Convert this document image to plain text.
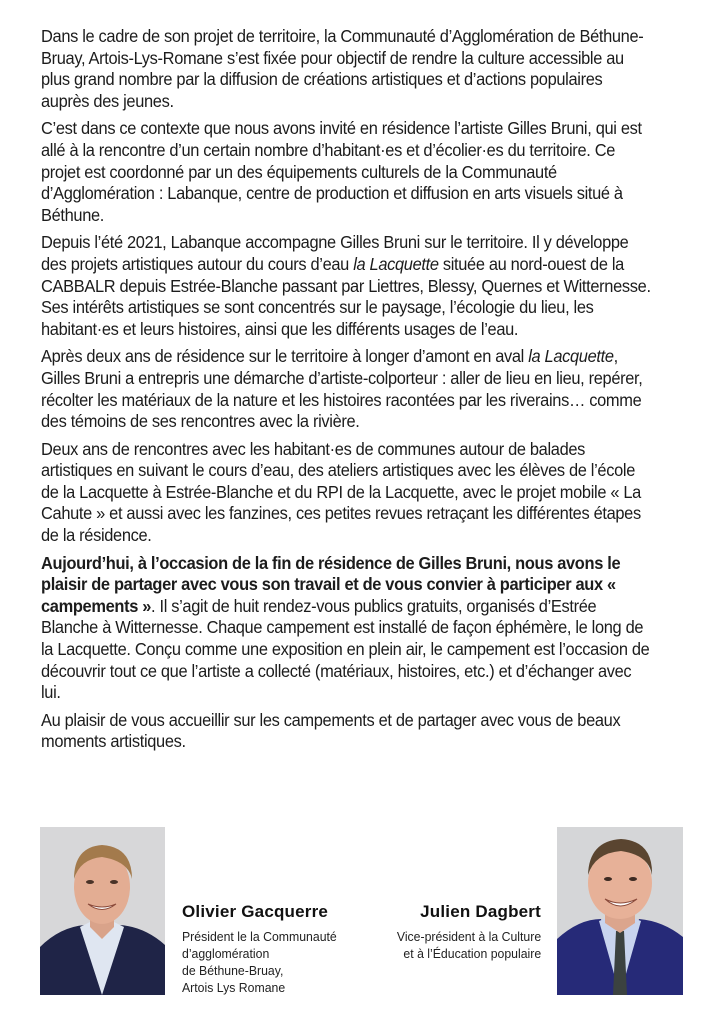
Dans le cadre de son projet de territoire, la Communauté d’Agglomération de Béthune-Bruay, Artois-Lys-Romane s’est fixée pour objectif de rendre la culture accessible au plus grand nombre par la diffusion de créations artistiques et d’actions populaires auprès des jeunes.

C’est dans ce contexte que nous avons invité en résidence l’artiste Gilles Bruni, qui est allé à la rencontre d’un certain nombre d’habitant·es et d’écolier·es du territoire. Ce projet est coordonné par un des équipements culturels de la Communauté d’Agglomération : Labanque, centre de production et diffusion en arts visuels situé à Béthune.

Depuis l’été 2021, Labanque accompagne Gilles Bruni sur le territoire. Il y développe des projets artistiques autour du cours d’eau la Lacquette située au nord-ouest de la CABBALR depuis Estrée-Blanche passant par Liettres, Blessy, Quernes et Witternesse. Ses intérêts artistiques se sont concentrés sur le paysage, l’écologie du lieu, les habitant·es et leurs histoires, ainsi que les différents usages de l’eau.

Après deux ans de résidence sur le territoire à longer d’amont en aval la Lacquette, Gilles Bruni a entrepris une démarche d’artiste-colporteur : aller de lieu en lieu, repérer, récolter les matériaux de la nature et les histoires racontées par les riverains… comme des témoins de ses rencontres avec la rivière.

Deux ans de rencontres avec les habitant·es de communes autour de balades artistiques en suivant le cours d’eau, des ateliers artistiques avec les élèves de l’école de la Lacquette à Estrée-Blanche et du RPI de la Lacquette, avec le projet mobile « La Cahute » et aussi avec les fanzines, ces petites revues retraçant les différentes étapes de la résidence.

Aujourd’hui, à l’occasion de la fin de résidence de Gilles Bruni, nous avons le plaisir de partager avec vous son travail et de vous convier à participer aux « campements ». Il s’agit de huit rendez-vous publics gratuits, organisés d’Estrée Blanche à Witternesse. Chaque campement est installé de façon éphémère, le long de la Lacquette. Conçu comme une exposition en plein air, le campement est l’occasion de découvrir tout ce que l’artiste a collecté (matériaux, histoires, etc.) et d’échanger avec lui.

Au plaisir de vous accueillir sur les campements et de partager avec vous de beaux moments artistiques.

Olivier Gacquerre
Président le la Communauté
d’agglomération
de Béthune-Bruay,
Artois Lys Romane
Julien Dagbert
Vice-président à la Culture
et à l’Éducation populaire
